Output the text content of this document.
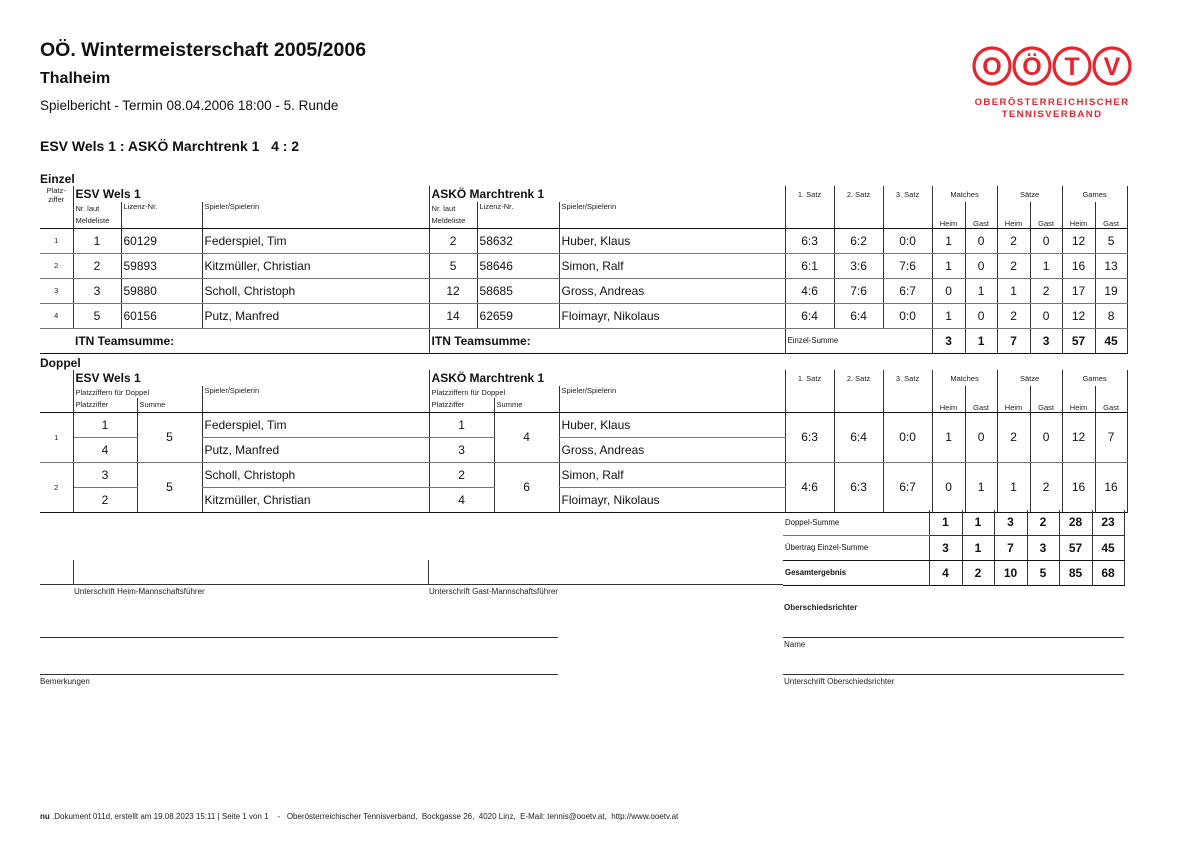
OÖ. Wintermeisterschaft 2005/2006
Thalheim
Spielbericht - Termin 08.04.2006 18:00 - 5. Runde
ESV Wels 1 : ASKÖ Marchtrenk 1   4 : 2
O Ö T V
OBERÖSTERREICHISCHER
TENNISVERBAND
Einzel
Platz-
ziffer	ESV Wels 1			ASKÖ Marchtrenk 1			1. Satz	2. Satz	3. Satz	Matches		Sätze		Games	
	Nr. laut	Lizenz-Nr.	Spieler/Spielerin	Nr. laut	Lizenz-Nr.	Spieler/Spielerin				Heim	Gast	Heim	Gast	Heim	Gast
	Meldeliste			Meldeliste											
1	1	60129	Federspiel, Tim	2	58632	Huber, Klaus	6:3	6:2	0:0	1	0	2	0	12	5
2	2	59893	Kitzmüller, Christian	5	58646	Simon, Ralf	6:1	3:6	7:6	1	0	2	1	16	13
3	3	59880	Scholl, Christoph	12	58685	Gross, Andreas	4:6	7:6	6:7	0	1	1	2	17	19
4	5	60156	Putz, Manfred	14	62659	Floimayr, Nikolaus	6:4	6:4	0:0	1	0	2	0	12	8
	ITN Teamsumme:			ITN Teamsumme:			Einzel-Summe			3	1	7	3	57	45
Doppel
	ESV Wels 1			ASKÖ Marchtrenk 1			1. Satz	2. Satz	3. Satz	Matches		Sätze		Games	
	Platzziffern für Doppel		Spieler/Spielerin	Platzziffern für Doppel		Spieler/Spielerin				Heim	Gast	Heim	Gast	Heim	Gast
	Platzziffer	Summe		Platzziffer	Summe										
1	1	5	Federspiel, Tim	1	4	Huber, Klaus	6:3	6:4	0:0	1	0	2	0	12	7
	4		Putz, Manfred	3		Gross, Andreas									
2	3	5	Scholl, Christoph	2	6	Simon, Ralf	4:6	6:3	6:7	0	1	1	2	16	16
	2		Kitzmüller, Christian	4		Floimayr, Nikolaus									
Doppel-Summe	1	1	3	2	28	23
Übertrag Einzel-Summe	3	1	7	3	57	45
Gesamtergebnis	4	2	10	5	85	68
Unterschrift Heim-Mannschaftsführer	Unterschrift Gast-Mannschaftsführer
Oberschiedsrichter
Name
Unterschrift Oberschiedsrichter
Bemerkungen
nu .Dokument 011d, erstellt am 19.08.2023 15:11 | Seite 1 von 1    -   Oberösterreichischer Tennisverband,  Bockgasse 26,  4020 Linz,  E-Mail: tennis@ooetv.at,  http://www.ooetv.at
